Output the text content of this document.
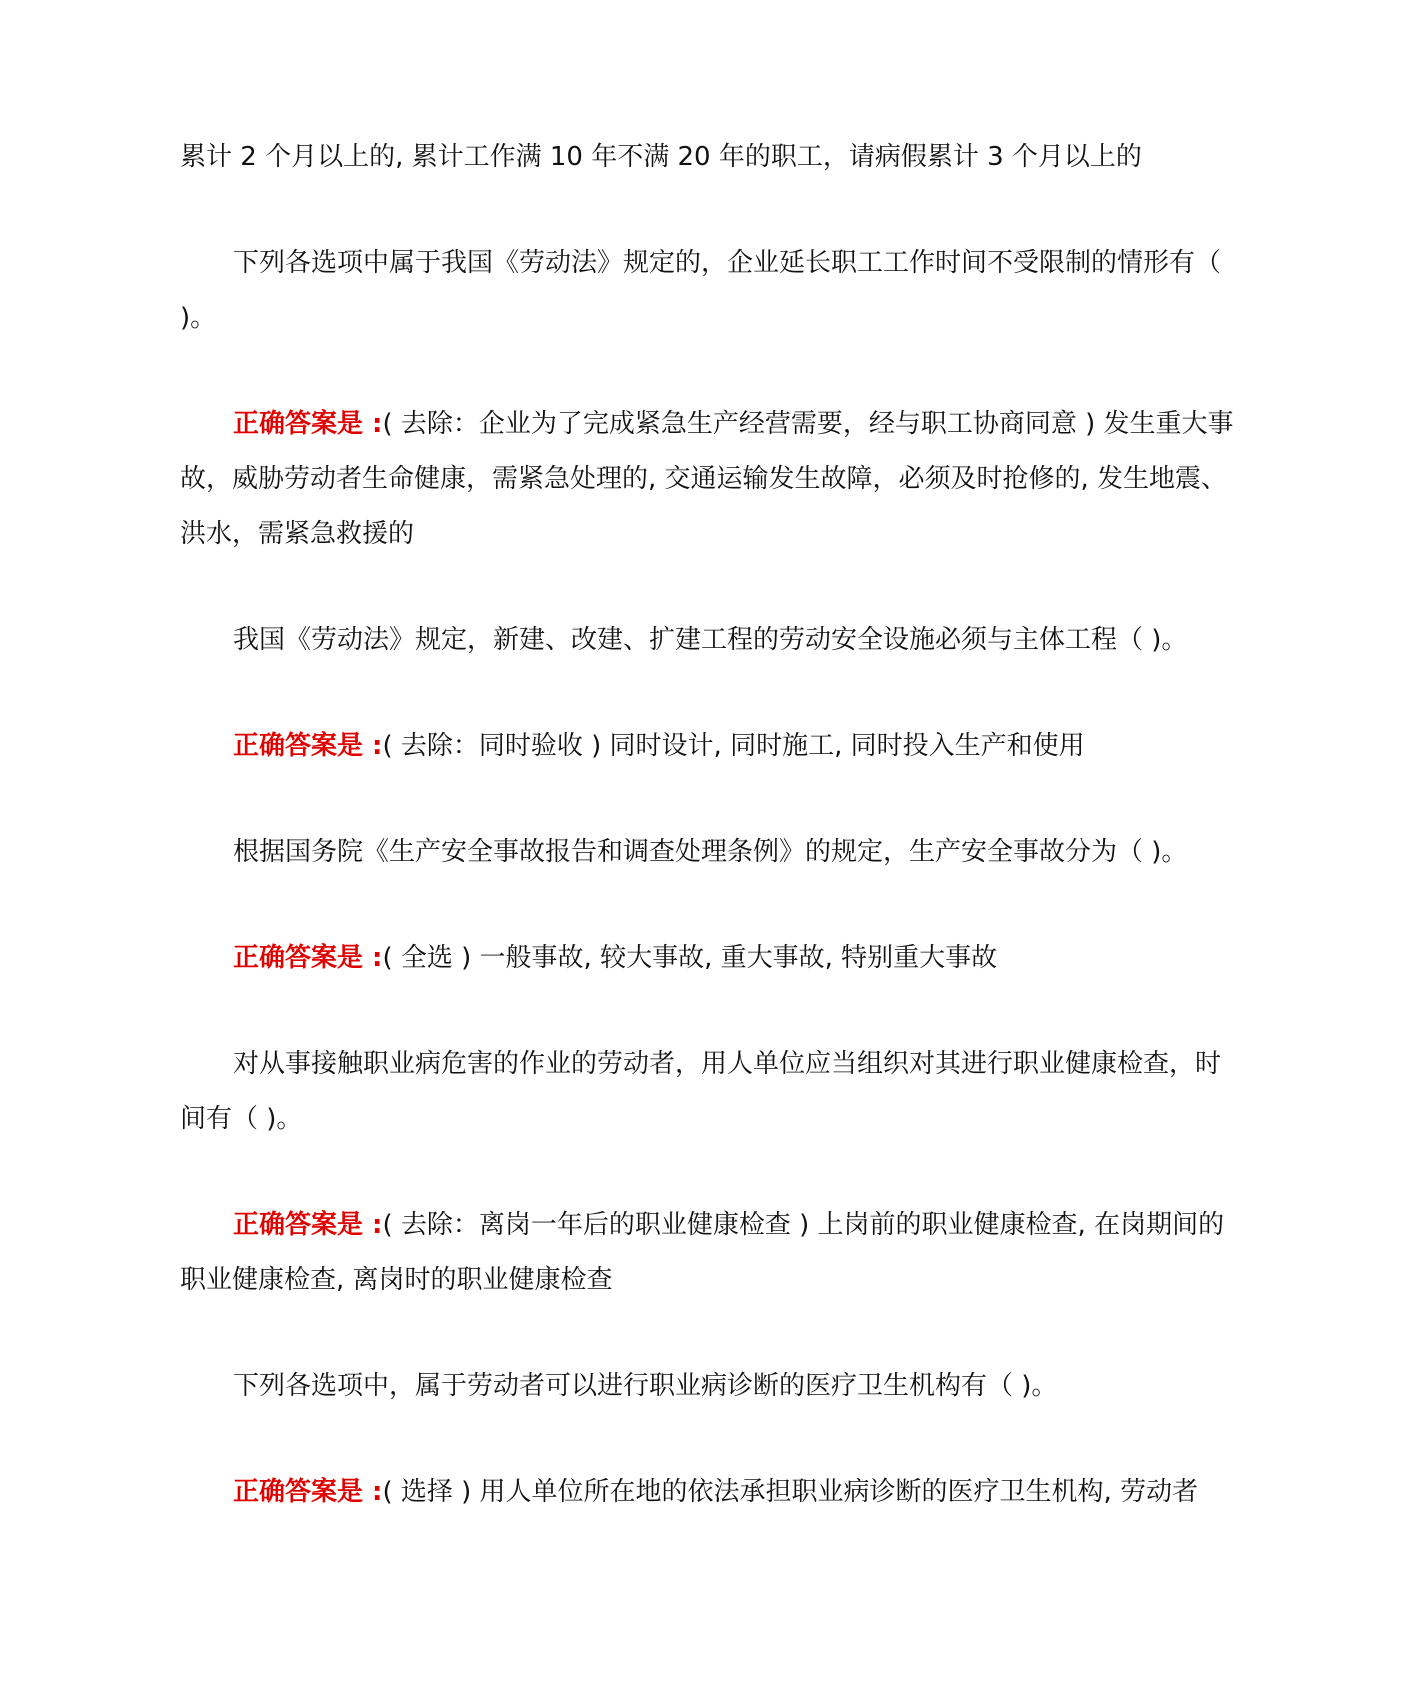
累计 2 个月以上的, 累计工作满 10 年不满 20 年的职工，请病假累计 3 个月以上的

下列各选项中属于我国《劳动法》规定的，企业延长职工工作时间不受限制的情形有（ )。

正确答案是 :( 去除：企业为了完成紧急生产经营需要，经与职工协商同意 ) 发生重大事故，威胁劳动者生命健康，需紧急处理的, 交通运输发生故障，必须及时抢修的, 发生地震、洪水，需紧急救援的

我国《劳动法》规定，新建、改建、扩建工程的劳动安全设施必须与主体工程（ )。

正确答案是 :( 去除：同时验收 ) 同时设计, 同时施工, 同时投入生产和使用

根据国务院《生产安全事故报告和调查处理条例》的规定，生产安全事故分为（ )。

正确答案是 :( 全选 ) 一般事故, 较大事故, 重大事故, 特别重大事故

对从事接触职业病危害的作业的劳动者，用人单位应当组织对其进行职业健康检查，时间有（ )。

正确答案是 :( 去除：离岗一年后的职业健康检查 ) 上岗前的职业健康检查, 在岗期间的职业健康检查, 离岗时的职业健康检查

下列各选项中，属于劳动者可以进行职业病诊断的医疗卫生机构有（ )。

正确答案是 :( 选择 ) 用人单位所在地的依法承担职业病诊断的医疗卫生机构, 劳动者
